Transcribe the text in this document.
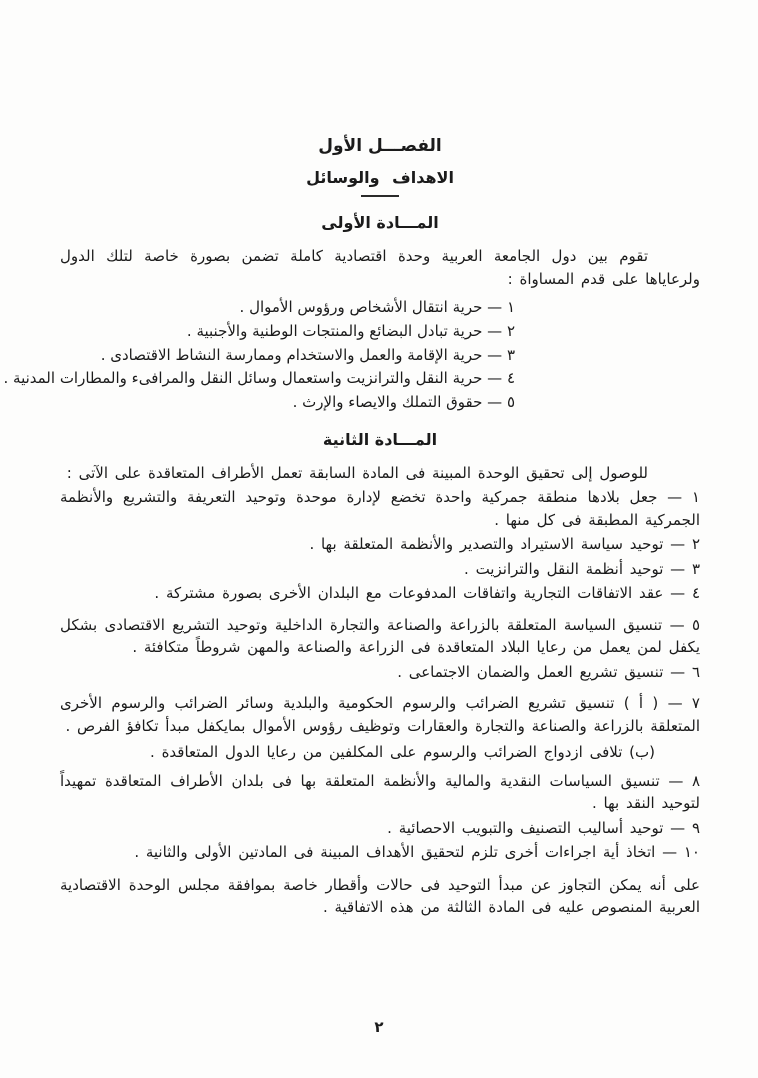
الفصـــل الأول
الاهداف والوسائل
المـــادة الأولى

تقوم بين دول الجامعة العربية وحدة اقتصادية كاملة تضمن بصورة خاصة لتلك الدول ولرعاياها على قدم المساواة :

١ — حرية انتقال الأشخاص ورؤوس الأموال .
٢ — حرية تبادل البضائع والمنتجات الوطنية والأجنبية .
٣ — حرية الإقامة والعمل والاستخدام وممارسة النشاط الاقتصادى .
٤ — حرية النقل والترانزيت واستعمال وسائل النقل والمرافىء والمطارات المدنية .
٥ — حقوق التملك والايصاء والإرث .
المـــادة الثانية

للوصول إلى تحقيق الوحدة المبينة فى المادة السابقة تعمل الأطراف المتعاقدة على الآتى :

١ — جعل بلادها منطقة جمركية واحدة تخضع لإدارة موحدة وتوحيد التعريفة والتشريع والأنظمة الجمركية المطبقة فى كل منها .

٢ — توحيد سياسة الاستيراد والتصدير والأنظمة المتعلقة بها .

٣ — توحيد أنظمة النقل والترانزيت .

٤ — عقد الاتفاقات التجارية واتفاقات المدفوعات مع البلدان الأخرى بصورة مشتركة .

٥ — تنسيق السياسة المتعلقة بالزراعة والصناعة والتجارة الداخلية وتوحيد التشريع الاقتصادى بشكل يكفل لمن يعمل من رعايا البلاد المتعاقدة فى الزراعة والصناعة والمهن شروطاً متكافئة .

٦ — تنسيق تشريع العمل والضمان الاجتماعى .

٧ — ( أ ) تنسيق تشريع الضرائب والرسوم الحكومية والبلدية وسائر الضرائب والرسوم الأخرى المتعلقة بالزراعة والصناعة والتجارة والعقارات وتوظيف رؤوس الأموال بمايكفل مبدأ تكافؤ الفرص .

(ب) تلافى ازدواج الضرائب والرسوم على المكلفين من رعايا الدول المتعاقدة .

٨ — تنسيق السياسات النقدية والمالية والأنظمة المتعلقة بها فى بلدان الأطراف المتعاقدة تمهيداً لتوحيد النقد بها .

٩ — توحيد أساليب التصنيف والتبويب الاحصائية .

١٠ — اتخاذ أية اجراءات أخرى تلزم لتحقيق الأهداف المبينة فى المادتين الأولى والثانية .

على أنه يمكن التجاوز عن مبدأ التوحيد فى حالات وأقطار خاصة بموافقة مجلس الوحدة الاقتصادية العربية المنصوص عليه فى المادة الثالثة من هذه الاتفاقية .

٢
